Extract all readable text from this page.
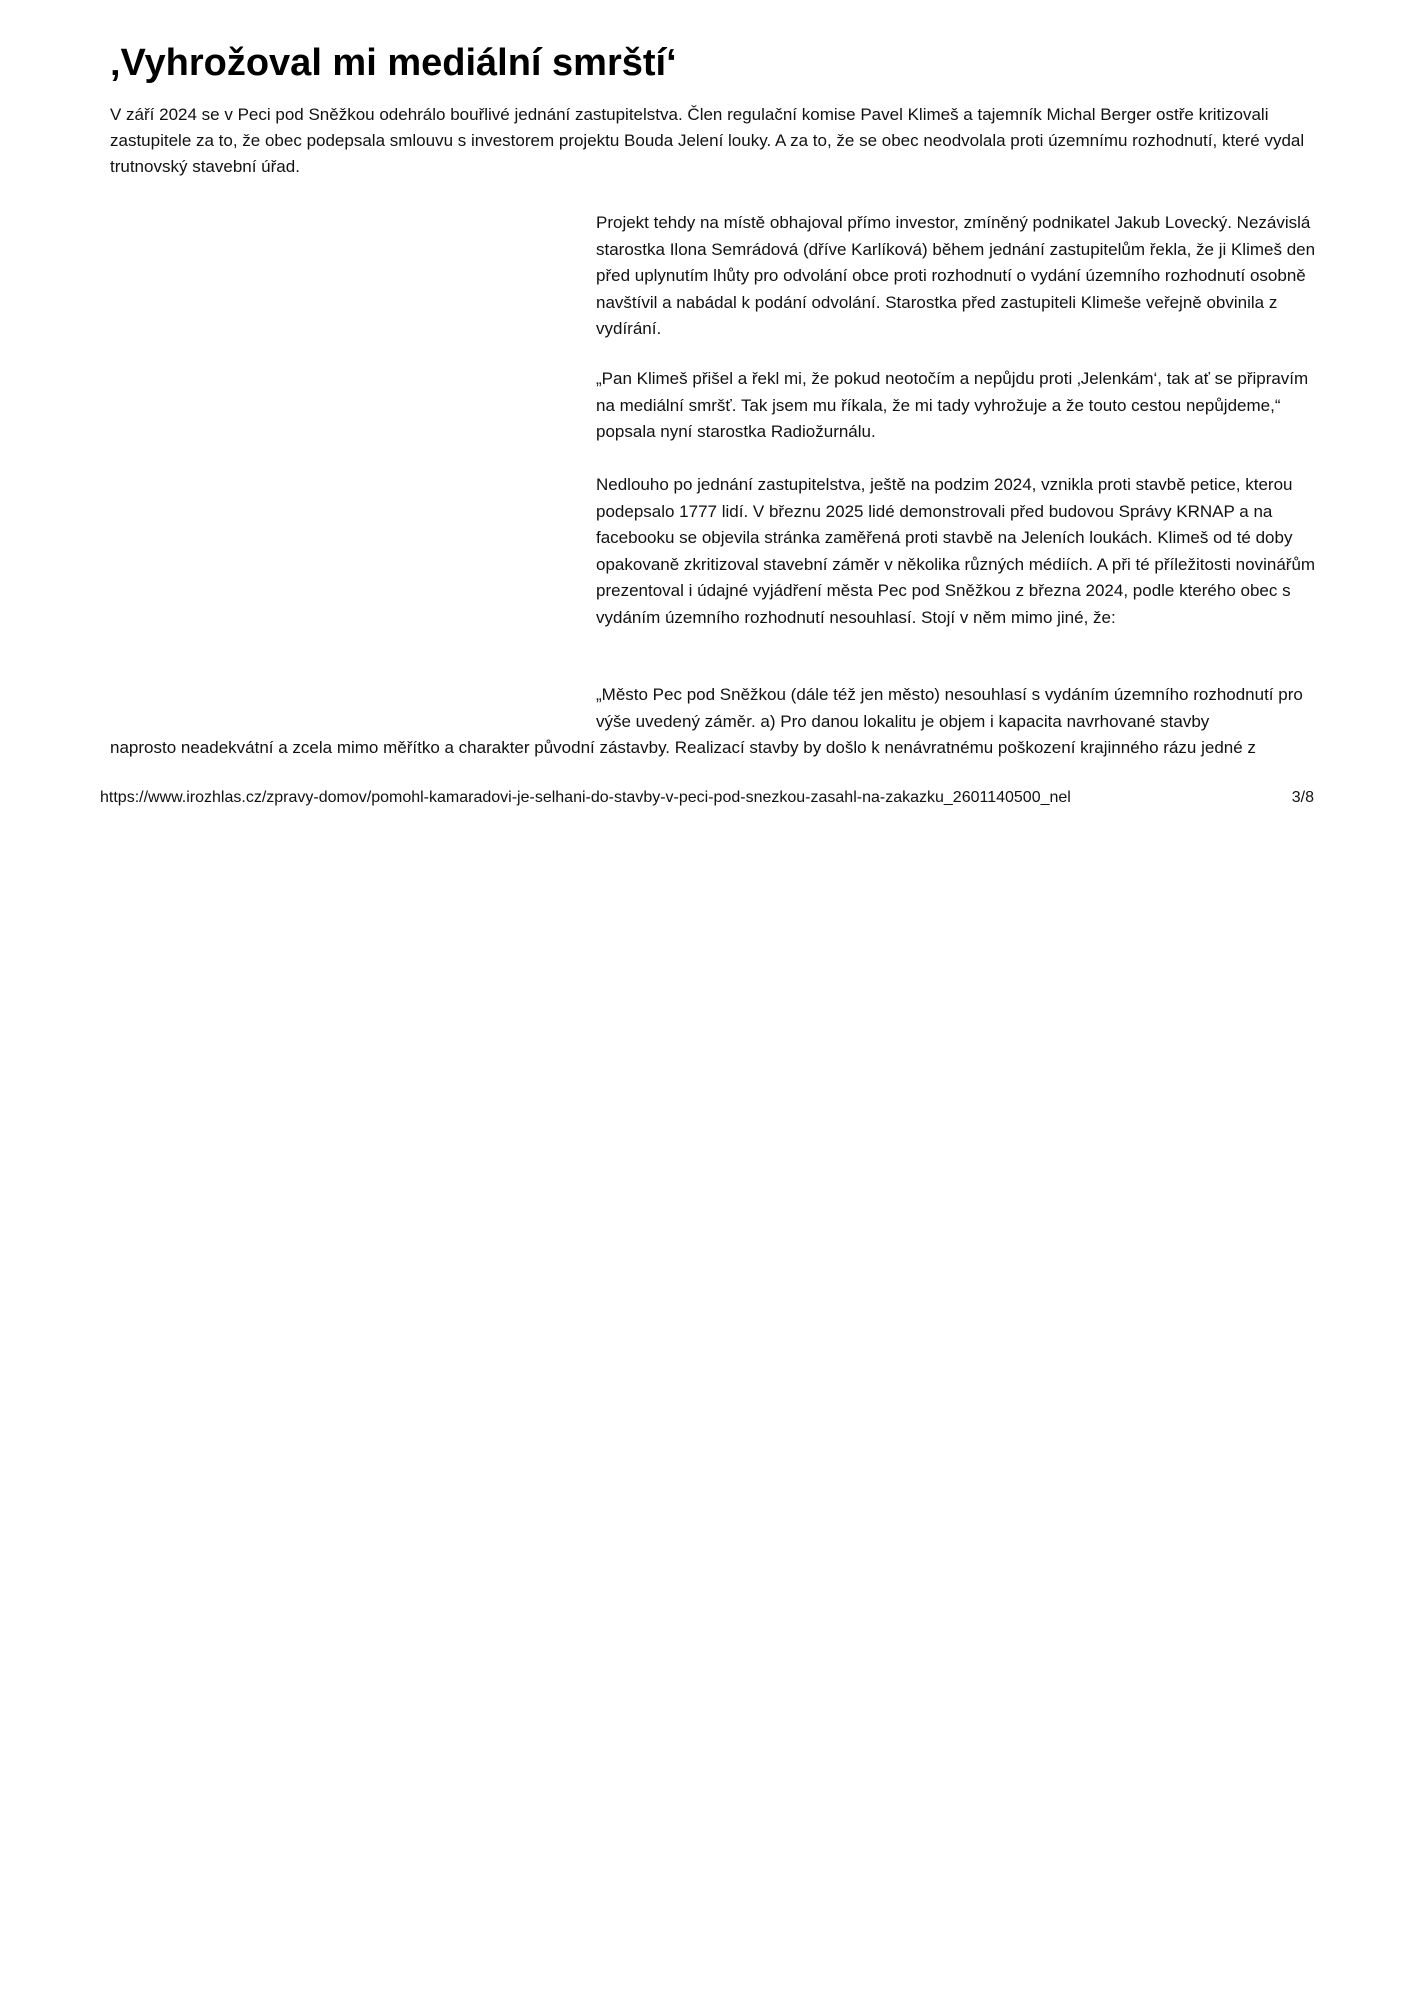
‚Vyhrožoval mi mediální smrští‘

V září 2024 se v Peci pod Sněžkou odehrálo bouřlivé jednání zastupitelstva. Člen regulační komise Pavel Klimeš a tajemník Michal Berger ostře kritizovali zastupitele za to, že obec podepsala smlouvu s investorem projektu Bouda Jelení louky. A za to, že se obec neodvolala proti územnímu rozhodnutí, které vydal trutnovský stavební úřad.

Projekt tehdy na místě obhajoval přímo investor, zmíněný podnikatel Jakub Lovecký. Nezávislá starostka Ilona Semrádová (dříve Karlíková) během jednání zastupitelům řekla, že ji Klimeš den před uplynutím lhůty pro odvolání obce proti rozhodnutí o vydání územního rozhodnutí osobně navštívil a nabádal k podání odvolání. Starostka před zastupiteli Klimeše veřejně obvinila z vydírání.

„Pan Klimeš přišel a řekl mi, že pokud neotočím a nepůjdu proti ‚Jelenkám‘, tak ať se připravím na mediální smršť. Tak jsem mu říkala, že mi tady vyhrožuje a že touto cestou nepůjdeme,“ popsala nyní starostka Radiožurnálu.

Nedlouho po jednání zastupitelstva, ještě na podzim 2024, vznikla proti stavbě petice, kterou podepsalo 1777 lidí. V březnu 2025 lidé demonstrovali před budovou Správy KRNAP a na facebooku se objevila stránka zaměřená proti stavbě na Jeleních loukách. Klimeš od té doby opakovaně zkritizoval stavební záměr v několika různých médiích. A při té příležitosti novinářům prezentoval i údajné vyjádření města Pec pod Sněžkou z března 2024, podle kterého obec s vydáním územního rozhodnutí nesouhlasí. Stojí v něm mimo jiné, že:

„Město Pec pod Sněžkou (dále též jen město) nesouhlasí s vydáním územního rozhodnutí pro výše uvedený záměr. a) Pro danou lokalitu je objem i kapacita navrhované stavby

naprosto neadekvátní a zcela mimo měřítko a charakter původní zástavby. Realizací stavby by došlo k nenávratnému poškození krajinného rázu jedné z

https://www.irozhlas.cz/zpravy-domov/pomohl-kamaradovi-je-selhani-do-stavby-v-peci-pod-snezkou-zasahl-na-zakazku_2601140500_nel	3/8
